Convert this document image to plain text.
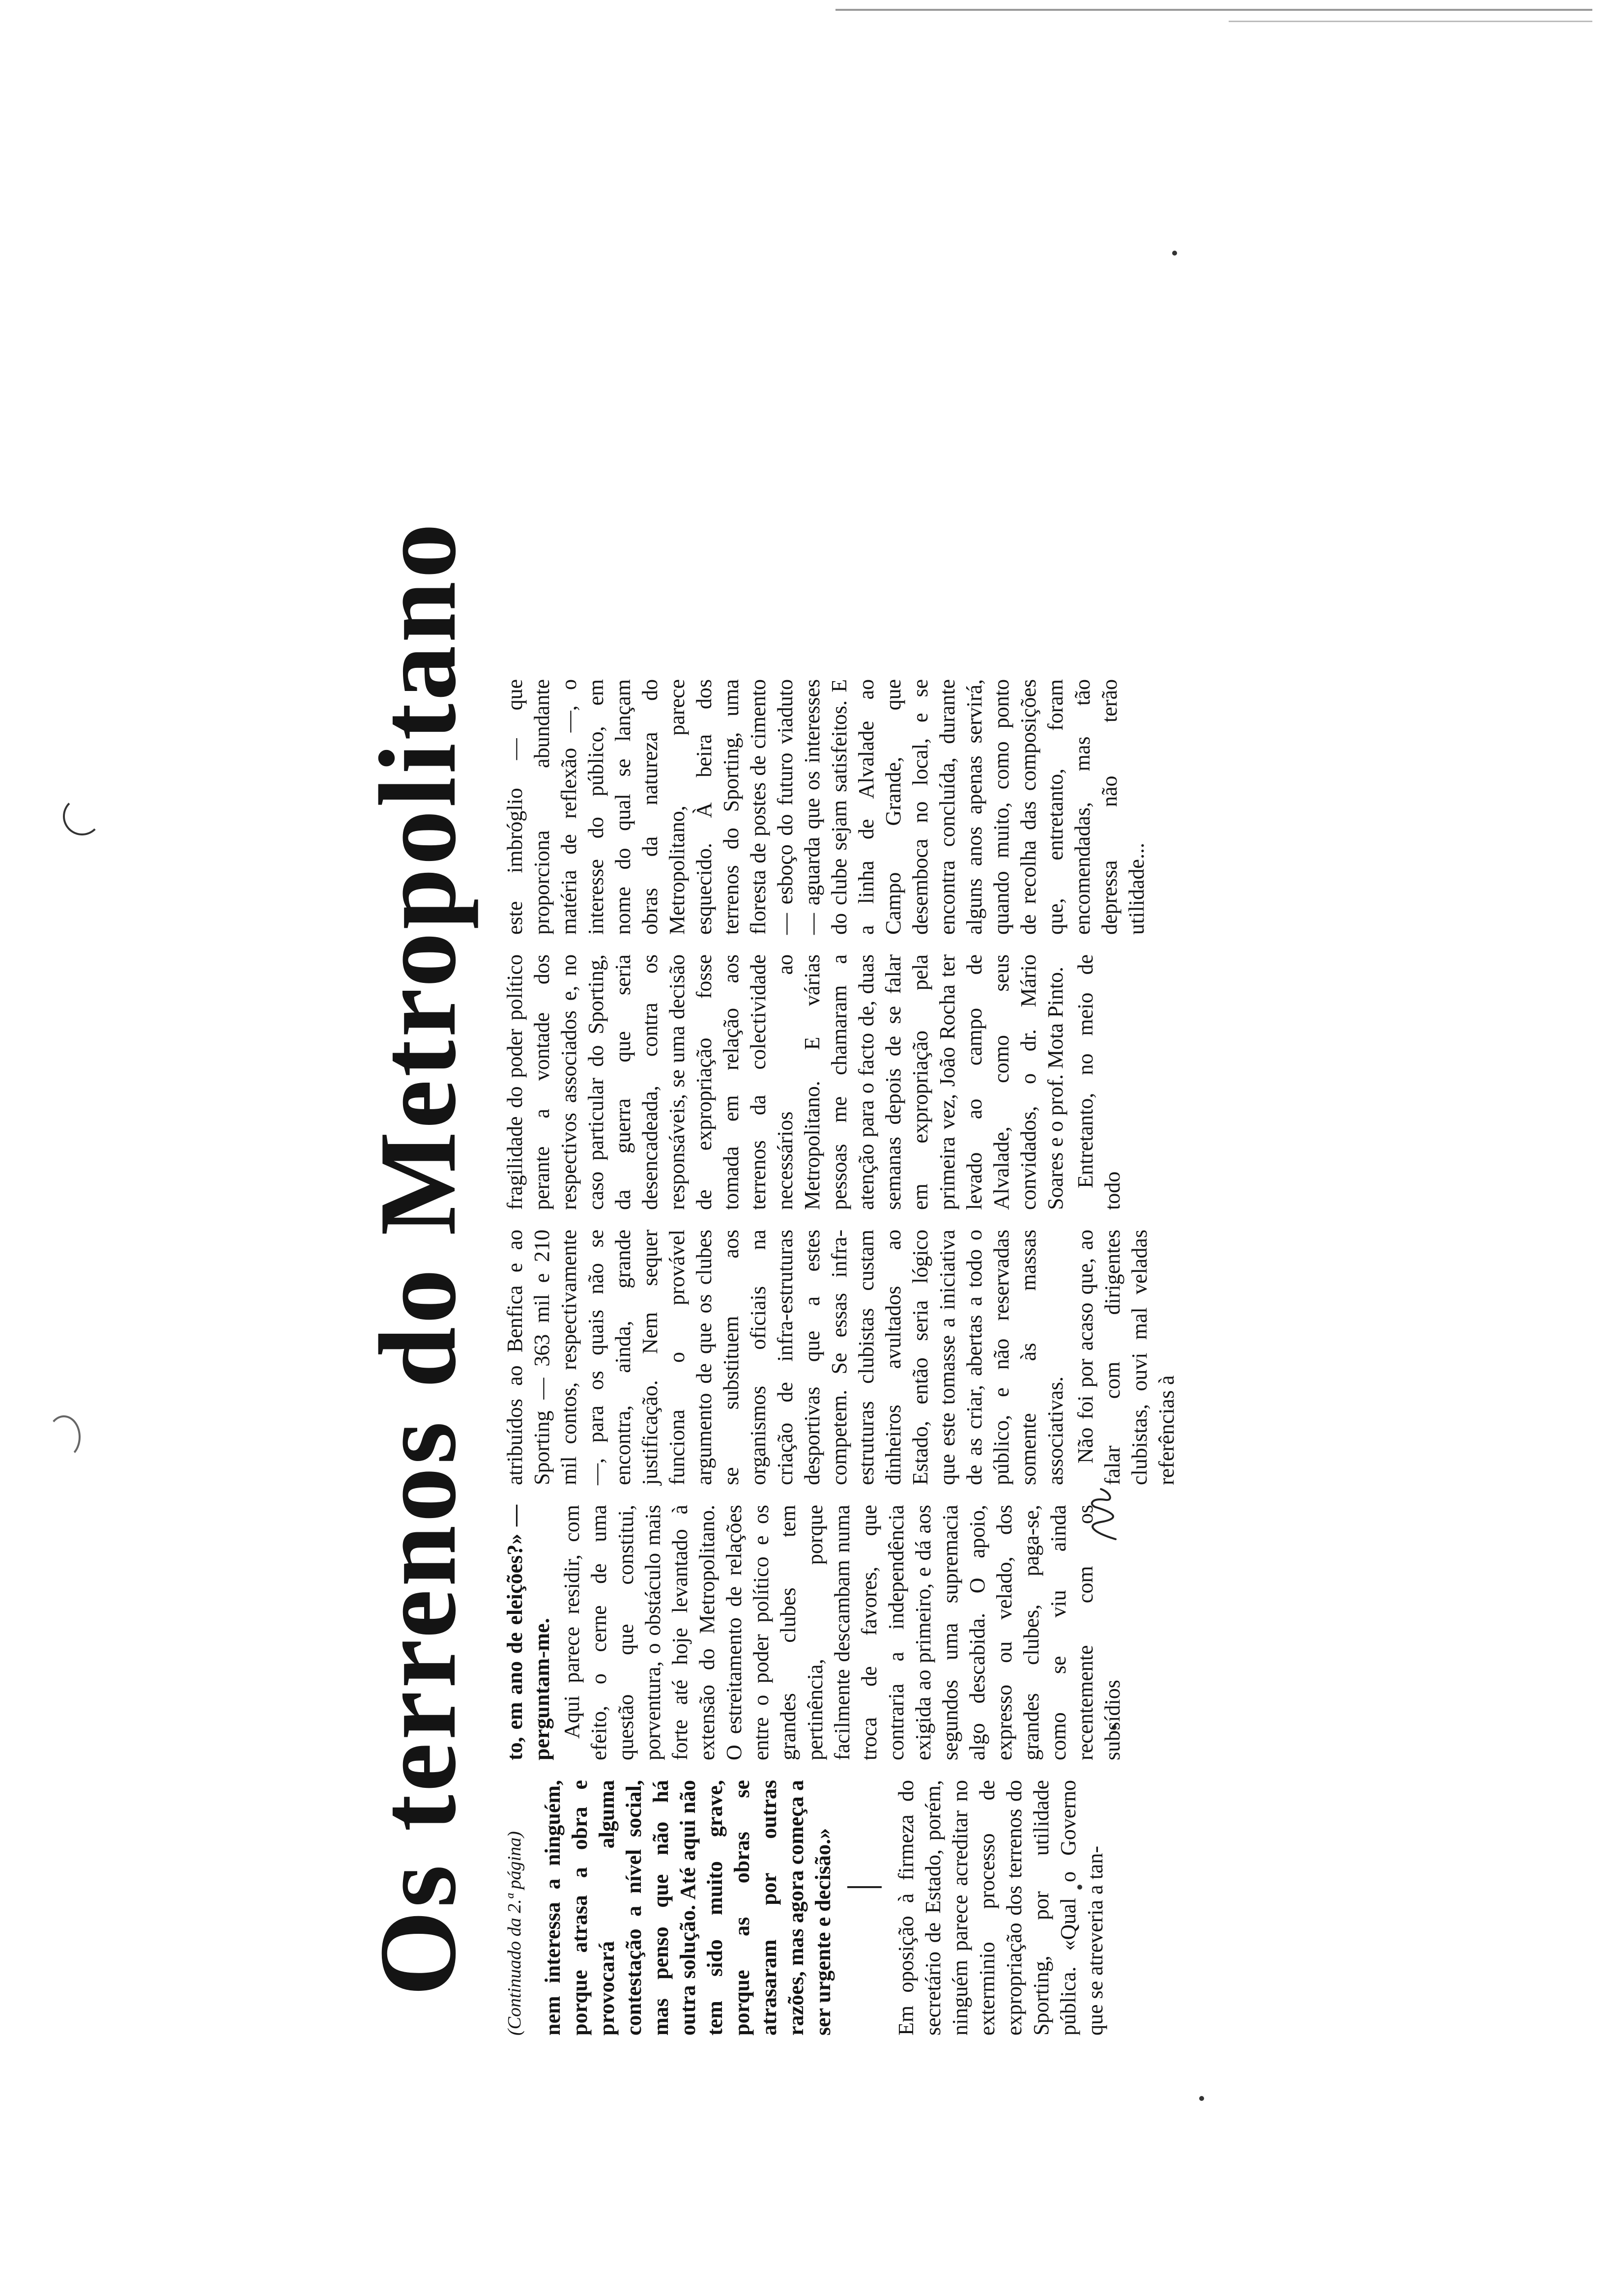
Os terrenos do Metropolitano (Continuado da 2.ª página) nem interessa a ninguém, porque atrasa a obra e provocará alguma contestação a nível social, mas penso que não há outra solução. Até aqui não tem sido muito grave, porque as obras se atrasaram por outras razões, mas agora começa a ser urgente e decisão.»	Em oposição à firmeza do secretário de Estado, porém, ninguém parece acreditar no exterminio processo de expropriação dos terrenos do Sporting, por utilidade pública. «Qual o Governo que se atreveria a tan-

to, em ano de eleições?» — perguntam-me. Aqui parece residir, com efeito, o cerne de uma questão que constitui, porventura, o obstáculo mais forte até hoje levantado à extensão do Metropolitano. O estreitamento de relações entre o poder político e os grandes clubes tem pertinência, porque facilmente descambam numa troca de favores, que contraria a independência exigida ao primeiro, e dá aos segundos uma supremacia algo descabida. O apoio, expresso ou velado, dos grandes clubes, paga-se, como se viu ainda recentemente com os subsídios

atribuídos ao Benfica e ao Sporting — 363 mil e 210 mil contos, respectivamente —, para os quais não se encontra, ainda, grande justificação. Nem sequer funciona o provável argumento de que os clubes se substituem aos organismos oficiais na criação de infra-estruturas desportivas que a estes competem. Se essas infra-estruturas clubistas custam dinheiros avultados ao Estado, então seria lógico que este tomasse a iniciativa de as criar, abertas a todo o público, e não reservadas somente às massas associativas. Não foi por acaso que, ao falar com dirigentes clubistas, ouvi mal veladas referências à

fragilidade do poder político perante a vontade dos respectivos associados e, no caso particular do Sporting, da guerra que seria desencadeada, contra os responsáveis, se uma decisão de expropriação fosse tomada em relação aos terrenos da colectividade necessários ao Metropolitano. E várias pessoas me chamaram a atenção para o facto de, duas semanas depois de se falar em expropriação pela primeira vez, João Rocha ter levado ao campo de Alvalade, como seus convidados, o dr. Mário Soares e o prof. Mota Pinto. Entretanto, no meio de todo

este imbróglio — que proporciona abundante matéria de reflexão —, o interesse do público, em nome do qual se lançam obras da natureza do Metropolitano, parece esquecido. À beira dos terrenos do Sporting, uma floresta de postes de cimento — esboço do futuro viaduto — aguarda que os interesses do clube sejam satisfeitos. E a linha de Alvalade ao Campo Grande, que desemboca no local, e se encontra concluída, durante alguns anos apenas servirá, quando muito, como ponto de recolha das composições que, entretanto, foram encomendadas, mas tão depressa não terão utilidade...
